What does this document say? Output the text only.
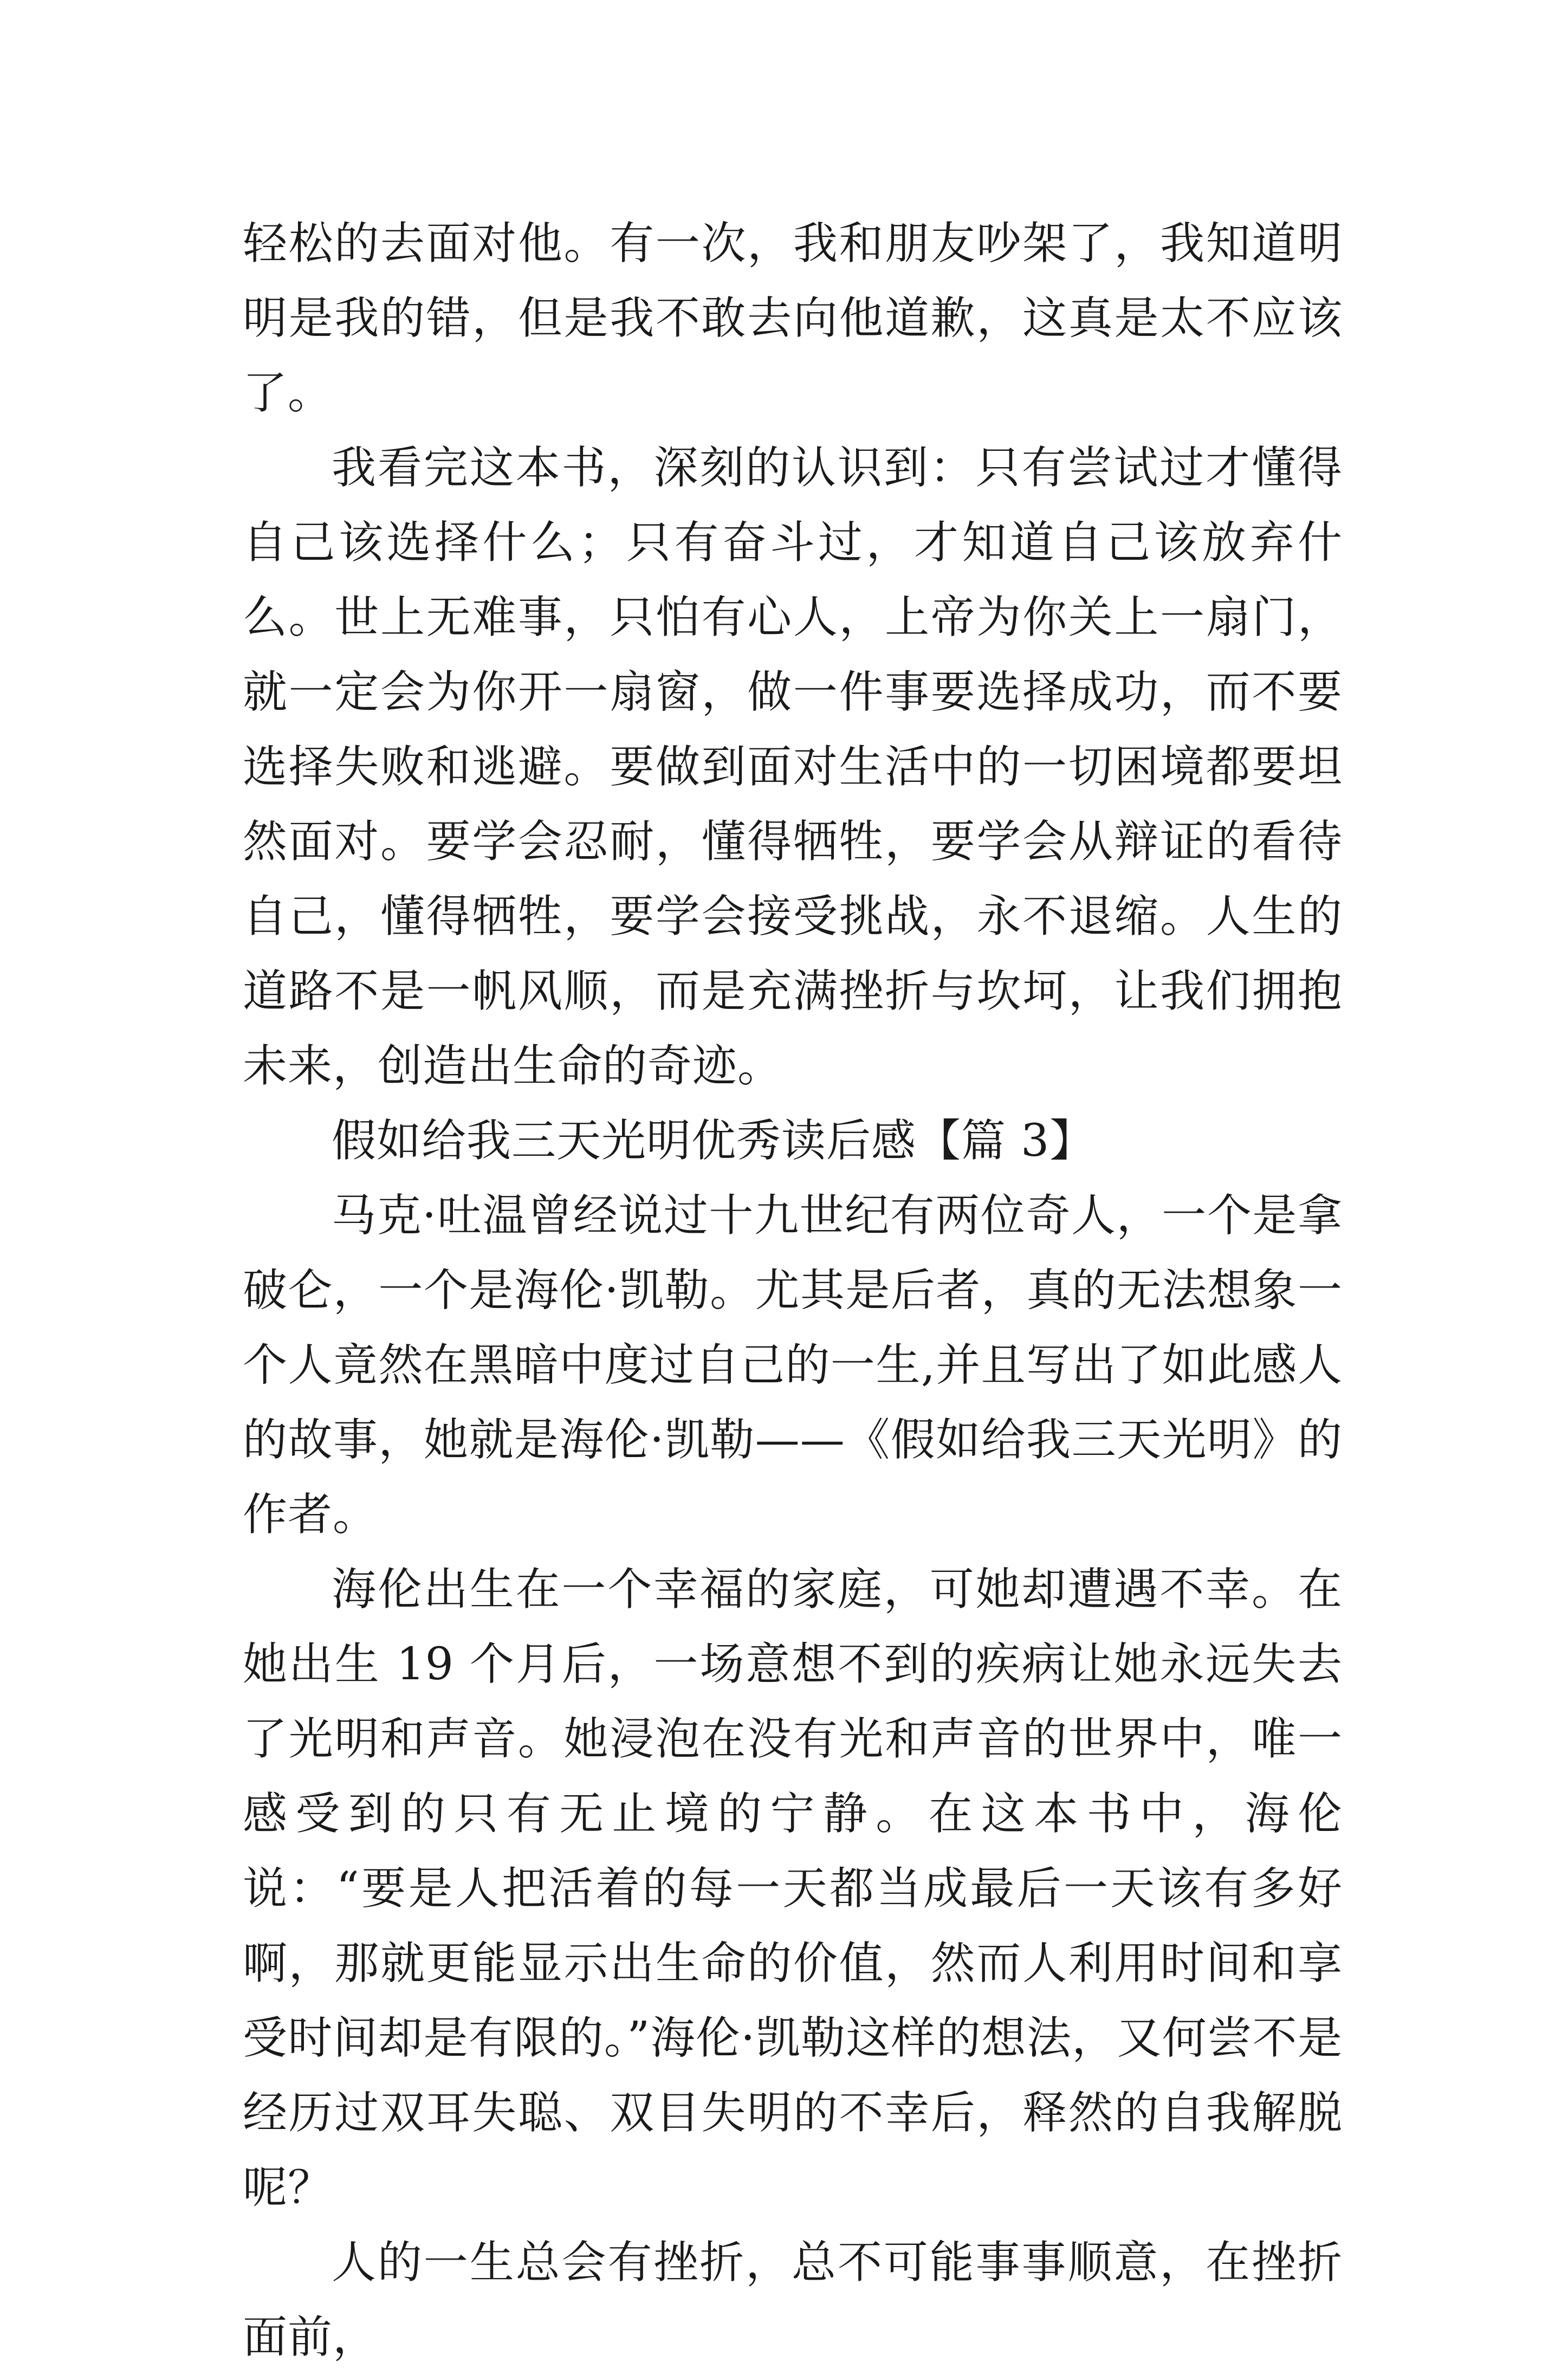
轻松的去面对他。有一次，我和朋友吵架了，我知道明明是我的错，但是我不敢去向他道歉，这真是太不应该了。

我看完这本书，深刻的认识到：只有尝试过才懂得自己该选择什么；只有奋斗过，才知道自己该放弃什么。世上无难事，只怕有心人，上帝为你关上一扇门，就一定会为你开一扇窗，做一件事要选择成功，而不要选择失败和逃避。要做到面对生活中的一切困境都要坦然面对。要学会忍耐，懂得牺牲，要学会从辩证的看待自己，懂得牺牲，要学会接受挑战，永不退缩。人生的道路不是一帆风顺，而是充满挫折与坎坷，让我们拥抱未来，创造出生命的奇迹。

假如给我三天光明优秀读后感【篇 3】

马克·吐温曾经说过十九世纪有两位奇人，一个是拿破仑，一个是海伦·凯勒。尤其是后者，真的无法想象一个人竟然在黑暗中度过自己的一生,并且写出了如此感人的故事，她就是海伦·凯勒——《假如给我三天光明》的作者。

海伦出生在一个幸福的家庭，可她却遭遇不幸。在她出生 19 个月后，一场意想不到的疾病让她永远失去了光明和声音。她浸泡在没有光和声音的世界中，唯一感受到的只有无止境的宁静。在这本书中，海伦说：“要是人把活着的每一天都当成最后一天该有多好啊，那就更能显示出生命的价值，然而人利用时间和享受时间却是有限的。”海伦·凯勒这样的想法，又何尝不是经历过双耳失聪、双目失明的不幸后，释然的自我解脱呢？

人的一生总会有挫折，总不可能事事顺意，在挫折面前，
